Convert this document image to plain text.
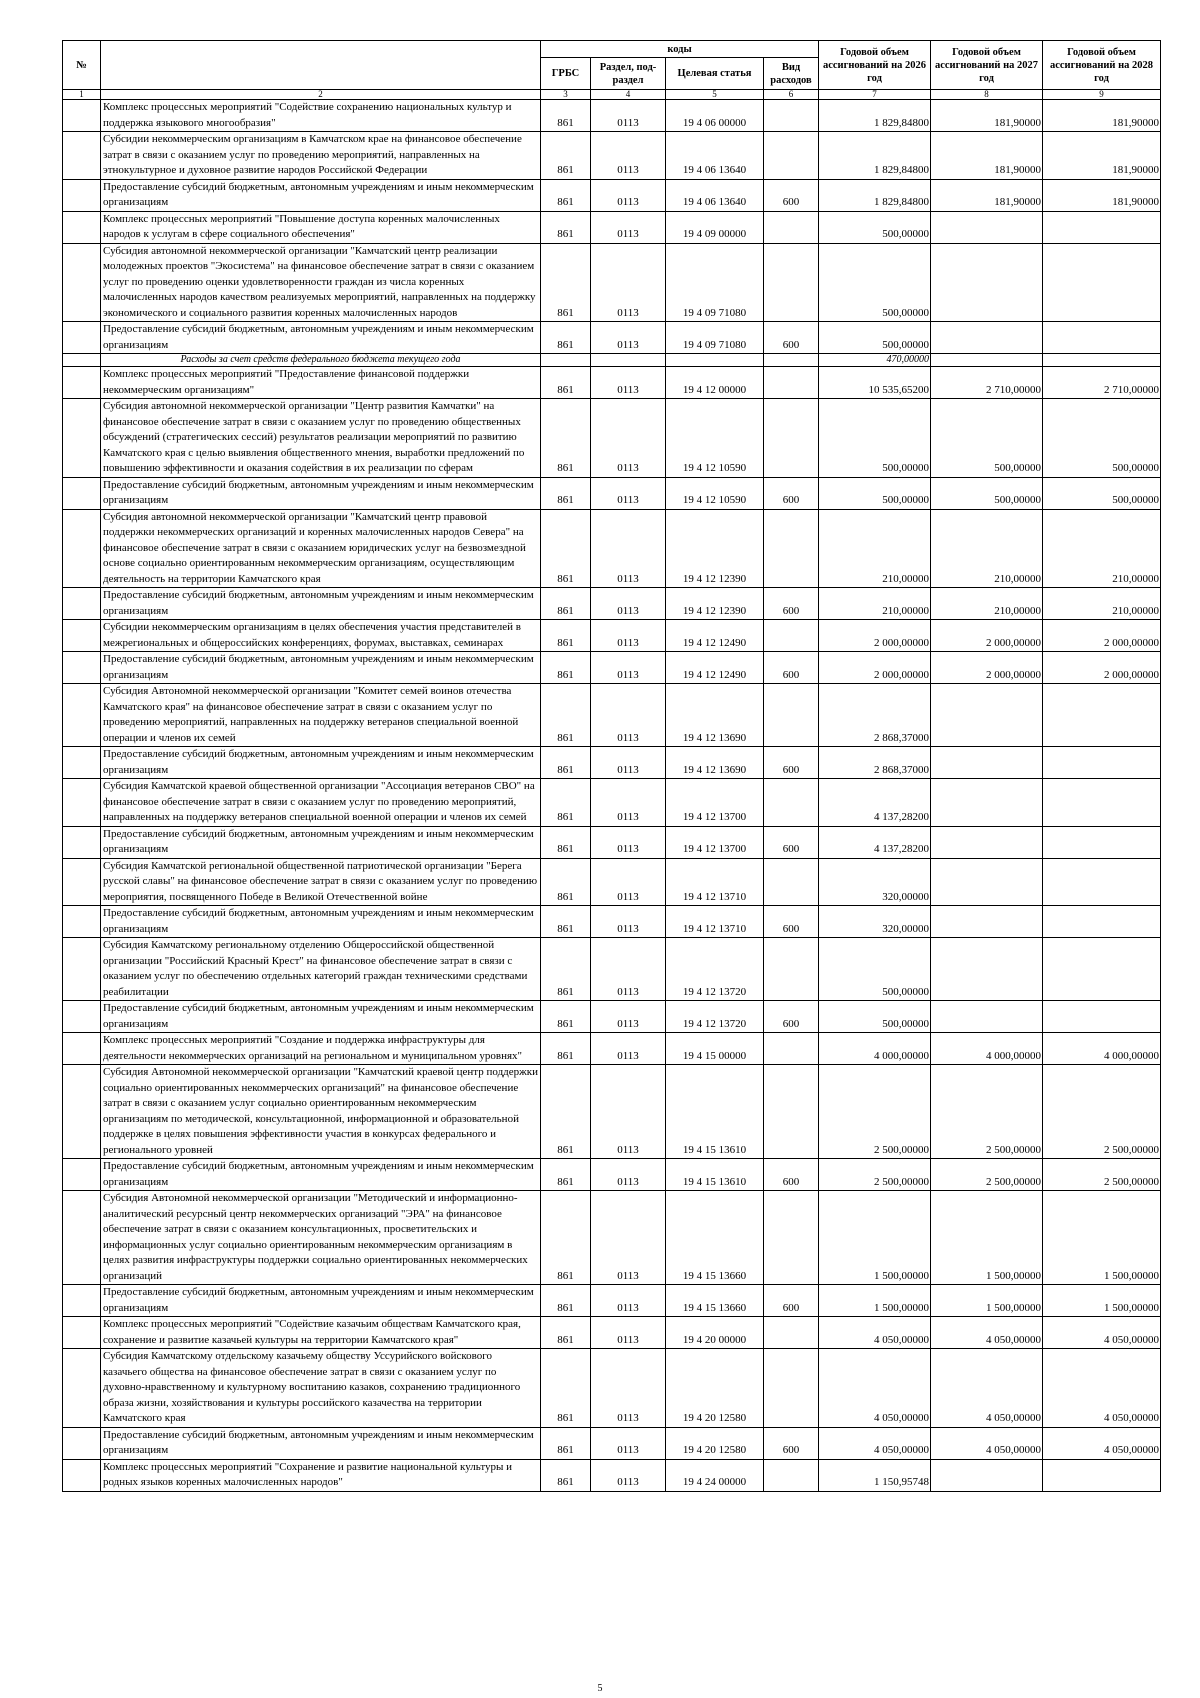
№		коды				Годовой объем ассигнований на 2026 год	Годовой объем ассигнований на 2027 год	Годовой объем ассигнований на 2028 год
		ГРБС	Раздел, под-раздел	Целевая статья	Вид расходов			
1	2	3	4	5	6	7	8	9
	Комплекс процессных мероприятий "Содействие сохранению национальных культур и поддержка языкового многообразия"	861	0113	19 4 06 00000		1 829,84800	181,90000	181,90000
	Субсидии некоммерческим организациям в Камчатском крае на финансовое обеспечение затрат в связи с оказанием услуг по проведению мероприятий, направленных на этнокультурное и духовное развитие народов Российской Федерации	861	0113	19 4 06 13640		1 829,84800	181,90000	181,90000
	Предоставление субсидий бюджетным, автономным учреждениям и иным некоммерческим организациям	861	0113	19 4 06 13640	600	1 829,84800	181,90000	181,90000
	Комплекс процессных мероприятий "Повышение доступа коренных малочисленных народов к услугам в сфере социального обеспечения"	861	0113	19 4 09 00000		500,00000		
	Субсидия автономной некоммерческой организации "Камчатский центр реализации молодежных проектов "Экосистема" на финансовое обеспечение затрат в связи с оказанием услуг по проведению оценки удовлетворенности граждан из числа коренных малочисленных народов качеством реализуемых мероприятий, направленных на поддержку экономического и социального развития коренных малочисленных народов	861	0113	19 4 09 71080		500,00000		
	Предоставление субсидий бюджетным, автономным учреждениям и иным некоммерческим организациям	861	0113	19 4 09 71080	600	500,00000		
	Расходы за счет средств федерального бюджета текущего года					470,00000		
	Комплекс процессных мероприятий "Предоставление финансовой поддержки некоммерческим организациям"	861	0113	19 4 12 00000		10 535,65200	2 710,00000	2 710,00000
	Субсидия автономной некоммерческой организации "Центр развития Камчатки" на финансовое обеспечение затрат в связи с оказанием услуг по проведению общественных обсуждений (стратегических сессий) результатов реализации мероприятий по развитию Камчатского края с целью выявления общественного мнения, выработки предложений по повышению эффективности и оказания содействия в их реализации по сферам	861	0113	19 4 12 10590		500,00000	500,00000	500,00000
	Предоставление субсидий бюджетным, автономным учреждениям и иным некоммерческим организациям	861	0113	19 4 12 10590	600	500,00000	500,00000	500,00000
	Субсидия автономной некоммерческой организации "Камчатский центр правовой поддержки некоммерческих организаций и коренных малочисленных народов Севера" на финансовое обеспечение затрат в связи с оказанием юридических услуг на безвозмездной основе социально ориентированным некоммерческим организациям, осуществляющим деятельность на территории Камчатского края	861	0113	19 4 12 12390		210,00000	210,00000	210,00000
	Предоставление субсидий бюджетным, автономным учреждениям и иным некоммерческим организациям	861	0113	19 4 12 12390	600	210,00000	210,00000	210,00000
	Субсидии некоммерческим организациям в целях обеспечения участия представителей в межрегиональных и общероссийских конференциях, форумах, выставках, семинарах	861	0113	19 4 12 12490		2 000,00000	2 000,00000	2 000,00000
	Предоставление субсидий бюджетным, автономным учреждениям и иным некоммерческим организациям	861	0113	19 4 12 12490	600	2 000,00000	2 000,00000	2 000,00000
	Субсидия Автономной некоммерческой организации "Комитет семей воинов отечества Камчатского края" на финансовое обеспечение затрат в связи с оказанием услуг по проведению мероприятий, направленных на поддержку ветеранов специальной военной операции и членов их семей	861	0113	19 4 12 13690		2 868,37000		
	Предоставление субсидий бюджетным, автономным учреждениям и иным некоммерческим организациям	861	0113	19 4 12 13690	600	2 868,37000		
	Субсидия Камчатской краевой общественной организации "Ассоциация ветеранов СВО" на финансовое обеспечение затрат в связи с оказанием услуг по проведению мероприятий, направленных на поддержку ветеранов специальной военной операции и членов их семей	861	0113	19 4 12 13700		4 137,28200		
	Предоставление субсидий бюджетным, автономным учреждениям и иным некоммерческим организациям	861	0113	19 4 12 13700	600	4 137,28200		
	Субсидия Камчатской региональной общественной патриотической организации "Берега русской славы" на финансовое обеспечение затрат в связи с оказанием услуг по проведению мероприятия, посвященного Победе в Великой Отечественной войне	861	0113	19 4 12 13710		320,00000		
	Предоставление субсидий бюджетным, автономным учреждениям и иным некоммерческим организациям	861	0113	19 4 12 13710	600	320,00000		
	Субсидия Камчатскому региональному отделению Общероссийской общественной организации "Российский Красный Крест" на финансовое обеспечение затрат в связи с оказанием услуг по обеспечению отдельных категорий граждан техническими средствами реабилитации	861	0113	19 4 12 13720		500,00000		
	Предоставление субсидий бюджетным, автономным учреждениям и иным некоммерческим организациям	861	0113	19 4 12 13720	600	500,00000		
	Комплекс процессных мероприятий "Создание и поддержка инфраструктуры для деятельности некоммерческих организаций на региональном и муниципальном уровнях"	861	0113	19 4 15 00000		4 000,00000	4 000,00000	4 000,00000
	Субсидия Автономной некоммерческой организации "Камчатский краевой центр поддержки социально ориентированных некоммерческих организаций" на финансовое обеспечение затрат в связи с оказанием услуг социально ориентированным некоммерческим организациям по методической, консультационной, информационной и образовательной поддержке в целях повышения эффективности участия в конкурсах федерального и регионального уровней	861	0113	19 4 15 13610		2 500,00000	2 500,00000	2 500,00000
	Предоставление субсидий бюджетным, автономным учреждениям и иным некоммерческим организациям	861	0113	19 4 15 13610	600	2 500,00000	2 500,00000	2 500,00000
	Субсидия Автономной некоммерческой организации "Методический и информационно-аналитический ресурсный центр некоммерческих организаций "ЭРА" на финансовое обеспечение затрат в связи с оказанием консультационных, просветительских и информационных услуг социально ориентированным некоммерческим организациям в целях развития инфраструктуры поддержки социально ориентированных некоммерческих организаций	861	0113	19 4 15 13660		1 500,00000	1 500,00000	1 500,00000
	Предоставление субсидий бюджетным, автономным учреждениям и иным некоммерческим организациям	861	0113	19 4 15 13660	600	1 500,00000	1 500,00000	1 500,00000
	Комплекс процессных мероприятий "Содействие казачьим обществам Камчатского края, сохранение и развитие казачьей культуры на территории Камчатского края"	861	0113	19 4 20 00000		4 050,00000	4 050,00000	4 050,00000
	Субсидия Камчатскому отдельскому казачьему обществу Уссурийского войскового казачьего общества на финансовое обеспечение затрат в связи с оказанием услуг по духовно-нравственному и культурному воспитанию казаков, сохранению традиционного образа жизни, хозяйствования и культуры российского казачества на территории Камчатского края	861	0113	19 4 20 12580		4 050,00000	4 050,00000	4 050,00000
	Предоставление субсидий бюджетным, автономным учреждениям и иным некоммерческим организациям	861	0113	19 4 20 12580	600	4 050,00000	4 050,00000	4 050,00000
	Комплекс процессных мероприятий "Сохранение и развитие национальной культуры и родных языков коренных малочисленных народов"	861	0113	19 4 24 00000		1 150,95748		
5
